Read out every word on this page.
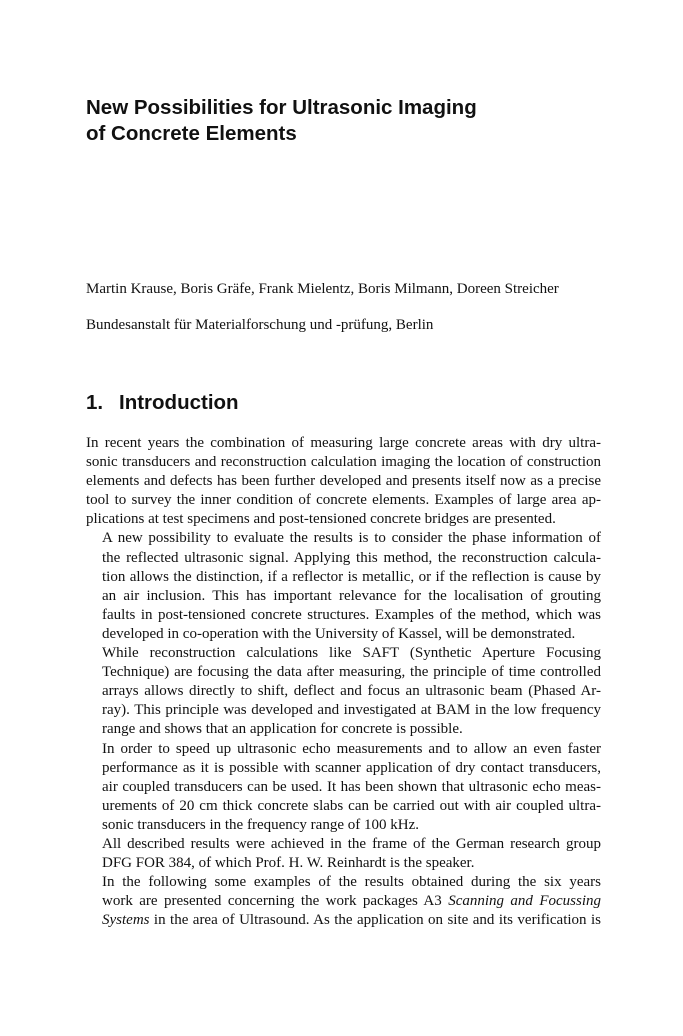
New Possibilities for Ultrasonic Imaging
of Concrete Elements
Martin Krause, Boris Gräfe, Frank Mielentz, Boris Milmann, Doreen Streicher
Bundesanstalt für Materialforschung und -prüfung, Berlin
1. Introduction

In recent years the combination of measuring large concrete areas with dry ultra-
sonic transducers and reconstruction calculation imaging the location of construction
elements and defects has been further developed and presents itself now as a precise
tool to survey the inner condition of concrete elements. Examples of large area ap-
plications at test specimens and post-tensioned concrete bridges are presented.

A new possibility to evaluate the results is to consider the phase information of
the reflected ultrasonic signal. Applying this method, the reconstruction calcula-
tion allows the distinction, if a reflector is metallic, or if the reflection is cause by
an air inclusion. This has important relevance for the localisation of grouting
faults in post-tensioned concrete structures. Examples of the method, which was
developed in co-operation with the University of Kassel, will be demonstrated.

While reconstruction calculations like SAFT (Synthetic Aperture Focusing
Technique) are focusing the data after measuring, the principle of time controlled
arrays allows directly to shift, deflect and focus an ultrasonic beam (Phased Ar-
ray). This principle was developed and investigated at BAM in the low frequency
range and shows that an application for concrete is possible.

In order to speed up ultrasonic echo measurements and to allow an even faster
performance as it is possible with scanner application of dry contact transducers,
air coupled transducers can be used. It has been shown that ultrasonic echo meas-
urements of 20 cm thick concrete slabs can be carried out with air coupled ultra-
sonic transducers in the frequency range of 100 kHz.

All described results were achieved in the frame of the German research group
DFG FOR 384, of which Prof. H. W. Reinhardt is the speaker.

In the following some examples of the results obtained during the six years
work are presented concerning the work packages A3 Scanning and Focussing
Systems in the area of Ultrasound. As the application on site and its verification is
